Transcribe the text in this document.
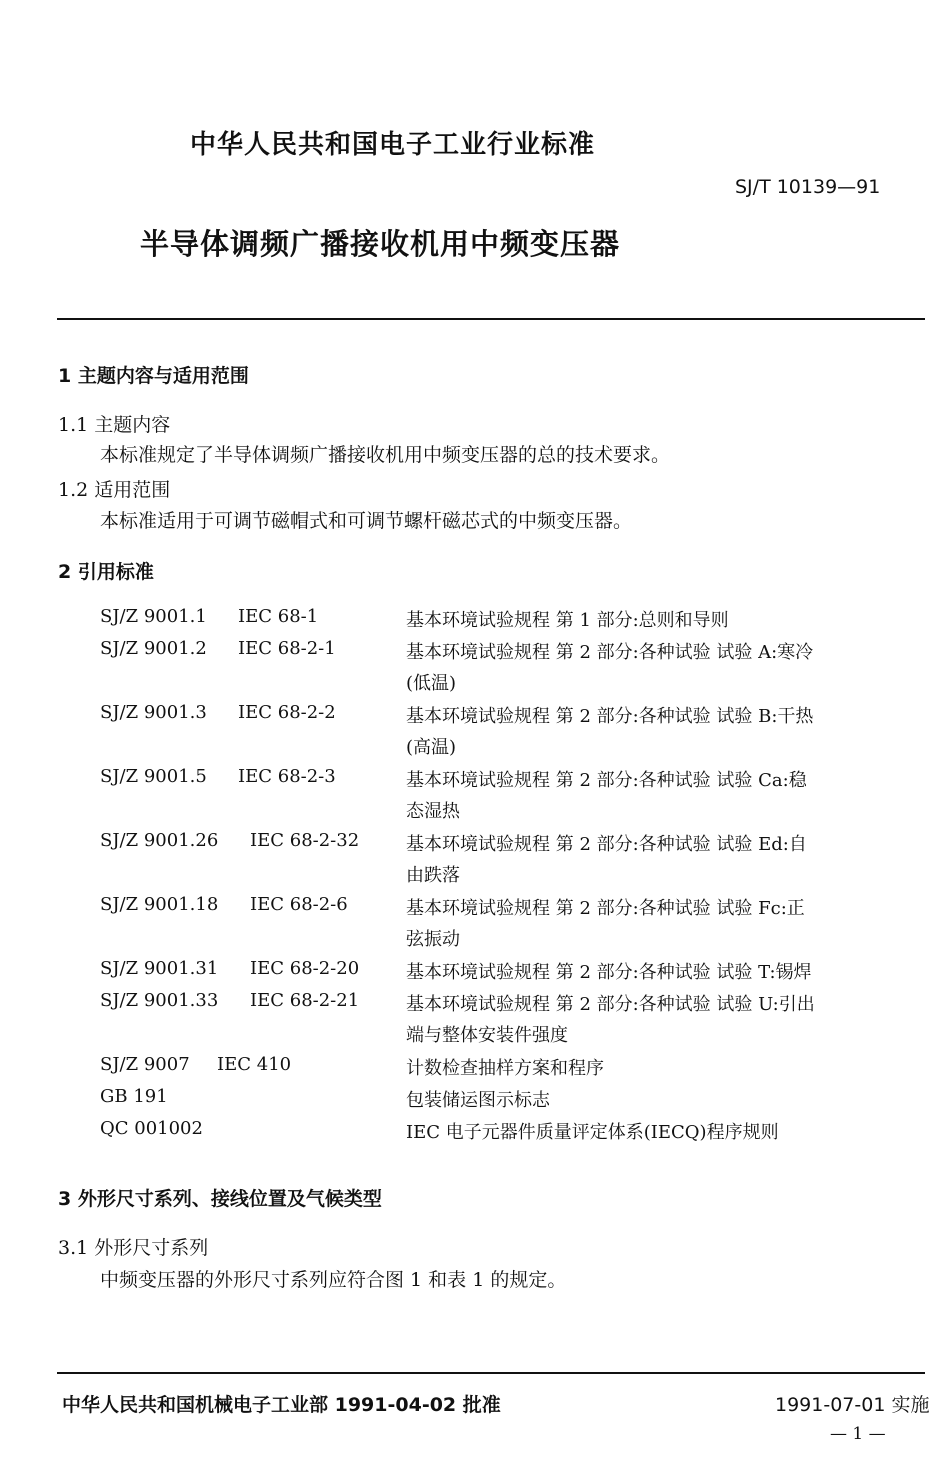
中华人民共和国电子工业行业标准
SJ/T 10139—91
半导体调频广播接收机用中频变压器
1 主题内容与适用范围
1.1 主题内容
本标准规定了半导体调频广播接收机用中频变压器的总的技术要求。
1.2 适用范围
本标准适用于可调节磁帽式和可调节螺杆磁芯式的中频变压器。
2 引用标准
SJ/Z 9001.1 IEC 68-1	基本环境试验规程 第 1 部分:总则和导则
SJ/Z 9001.2 IEC 68-2-1	基本环境试验规程 第 2 部分:各种试验 试验 A:寒冷
(低温)
SJ/Z 9001.3 IEC 68-2-2	基本环境试验规程 第 2 部分:各种试验 试验 B:干热
(高温)
SJ/Z 9001.5 IEC 68-2-3	基本环境试验规程 第 2 部分:各种试验 试验 Ca:稳
态湿热
SJ/Z 9001.26 IEC 68-2-32	基本环境试验规程 第 2 部分:各种试验 试验 Ed:自
由跌落
SJ/Z 9001.18 IEC 68-2-6	基本环境试验规程 第 2 部分:各种试验 试验 Fc:正
弦振动
SJ/Z 9001.31 IEC 68-2-20	基本环境试验规程 第 2 部分:各种试验 试验 T:锡焊
SJ/Z 9001.33 IEC 68-2-21	基本环境试验规程 第 2 部分:各种试验 试验 U:引出
端与整体安装件强度
SJ/Z 9007 IEC 410	计数检查抽样方案和程序
GB 191	包装储运图示标志
QC 001002	IEC 电子元器件质量评定体系(IECQ)程序规则
3 外形尺寸系列、接线位置及气候类型
3.1 外形尺寸系列
中频变压器的外形尺寸系列应符合图 1 和表 1 的规定。
中华人民共和国机械电子工业部 1991-04-02 批准	1991-07-01 实施
— 1 —
